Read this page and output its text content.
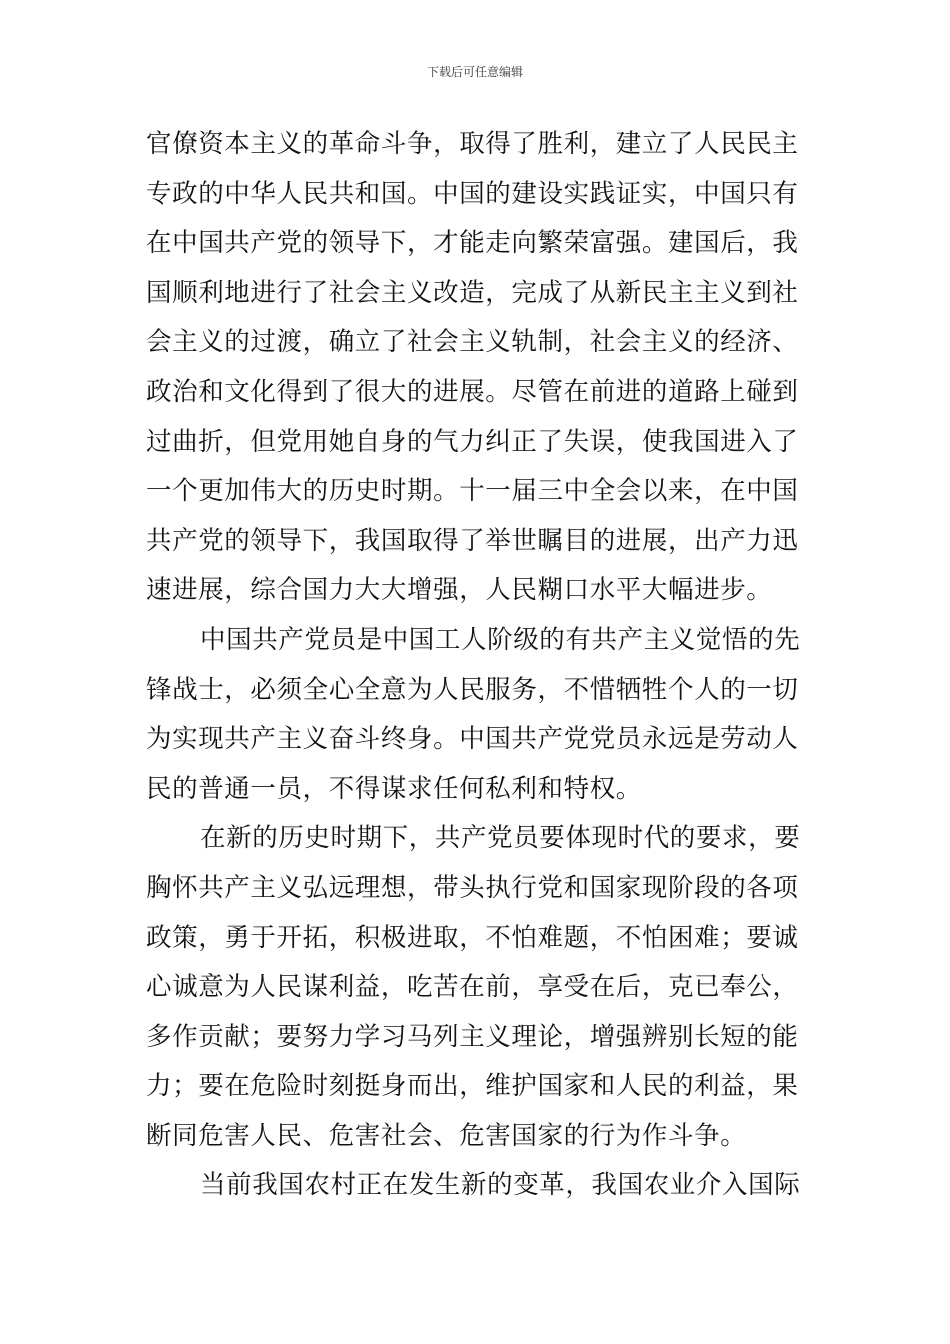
下载后可任意编辑
官僚资本主义的革命斗争，取得了胜利，建立了人民民主
专政的中华人民共和国。中国的建设实践证实，中国只有
在中国共产党的领导下，才能走向繁荣富强。建国后，我
国顺利地进行了社会主义改造，完成了从新民主主义到社
会主义的过渡，确立了社会主义轨制，社会主义的经济、
政治和文化得到了很大的进展。尽管在前进的道路上碰到
过曲折，但党用她自身的气力纠正了失误，使我国进入了
一个更加伟大的历史时期。十一届三中全会以来，在中国
共产党的领导下，我国取得了举世瞩目的进展，出产力迅
速进展，综合国力大大增强，人民糊口水平大幅进步。
中国共产党员是中国工人阶级的有共产主义觉悟的先
锋战士，必须全心全意为人民服务，不惜牺牲个人的一切
为实现共产主义奋斗终身。中国共产党党员永远是劳动人
民的普通一员，不得谋求任何私利和特权。
在新的历史时期下，共产党员要体现时代的要求，要
胸怀共产主义弘远理想，带头执行党和国家现阶段的各项
政策，勇于开拓，积极进取，不怕难题，不怕困难；要诚
心诚意为人民谋利益，吃苦在前，享受在后，克已奉公，
多作贡献；要努力学习马列主义理论，增强辨别长短的能
力；要在危险时刻挺身而出，维护国家和人民的利益，果
断同危害人民、危害社会、危害国家的行为作斗争。
当前我国农村正在发生新的变革，我国农业介入国际
